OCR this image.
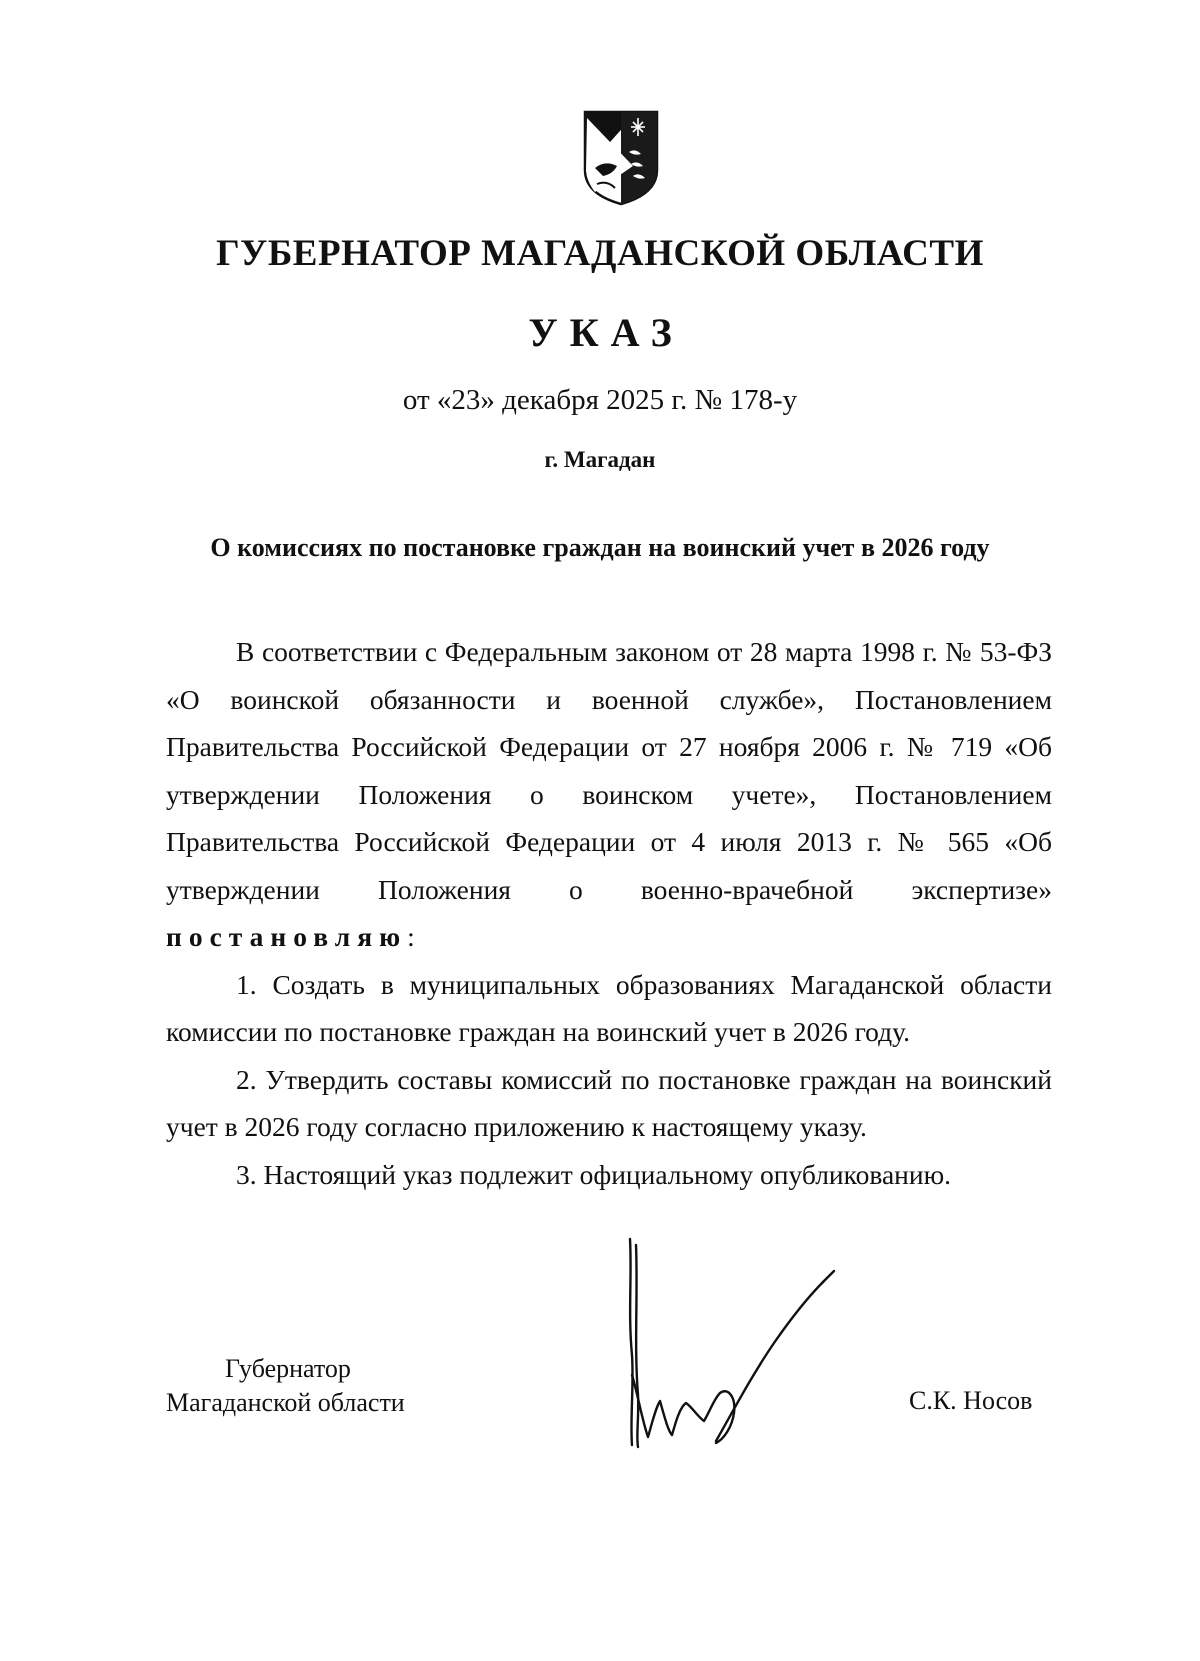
ГУБЕРНАТОР МАГАДАНСКОЙ ОБЛАСТИ
УКАЗ
от «23» декабря 2025 г. № 178-у
г. Магадан
О комиссиях по постановке граждан на воинский учет в 2026 году

В соответствии с Федеральным законом от 28 марта 1998 г. № 53-ФЗ «О воинской обязанности и военной службе», Постановлением Правительства Российской Федерации от 27 ноября 2006 г. № 719 «Об утверждении Положения о воинском учете», Постановлением Правительства Российской Федерации от 4 июля 2013 г. № 565 «Об утверждении Положения о военно-врачебной экспертизе»

постановляю:

1. Создать в муниципальных образованиях Магаданской области комиссии по постановке граждан на воинский учет в 2026 году.

2. Утвердить составы комиссий по постановке граждан на воинский учет в 2026 году согласно приложению к настоящему указу.

3. Настоящий указ подлежит официальному опубликованию.

Губернатор
Магаданской области	С.К. Носов
